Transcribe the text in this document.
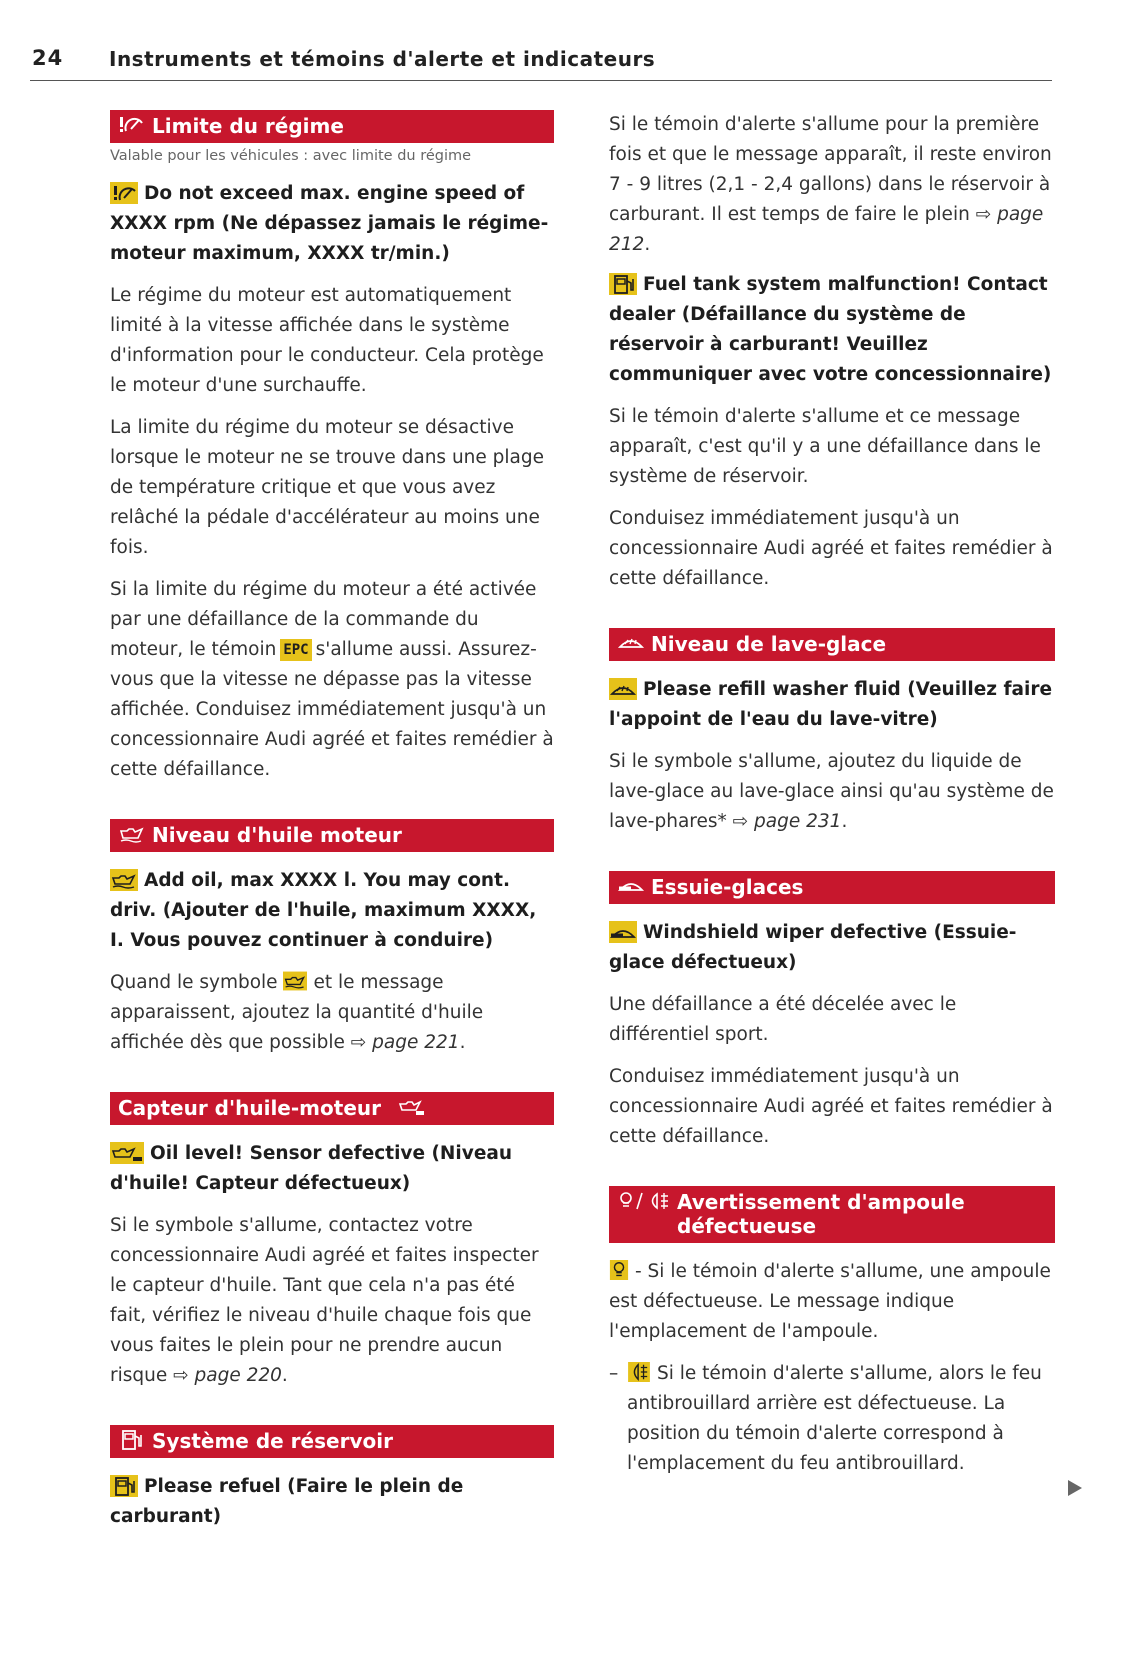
24 Instruments et témoins d'alerte et indicateurs
Limite du régime
Valable pour les véhicules : avec limite du régime
Do not exceed max. engine speed of XXXX rpm (Ne dépassez jamais le régime-moteur maximum, XXXX tr/min.)

Le régime du moteur est automatiquement limité à la vitesse affichée dans le système d'information pour le conducteur. Cela protège le moteur d'une surchauffe.

La limite du régime du moteur se désactive lorsque le moteur ne se trouve dans une plage de température critique et que vous avez relâché la pédale d'accélérateur au moins une fois.

Si la limite du régime du moteur a été activée par une défaillance de la commande du moteur, le témoin EPC s'allume aussi. Assurez-vous que la vitesse ne dépasse pas la vitesse affichée. Conduisez immédiatement jusqu'à un concessionnaire Audi agréé et faites remédier à cette défaillance.

Niveau d'huile moteur
Add oil, max XXXX l. You may cont. driv. (Ajouter de l'huile, maximum XXXX, I. Vous pouvez continuer à conduire)

Quand le symbole et le message apparaissent, ajoutez la quantité d'huile affichée dès que possible ⇨ page 221.

Capteur d'huile-moteur
Oil level! Sensor defective (Niveau d'huile! Capteur défectueux)

Si le symbole s'allume, contactez votre concessionnaire Audi agréé et faites inspecter le capteur d'huile. Tant que cela n'a pas été fait, vérifiez le niveau d'huile chaque fois que vous faites le plein pour ne prendre aucun risque ⇨ page 220.

Système de réservoir
Please refuel (Faire le plein de carburant)

Si le témoin d'alerte s'allume pour la première fois et que le message apparaît, il reste environ 7 - 9 litres (2,1 - 2,4 gallons) dans le réservoir à carburant. Il est temps de faire le plein ⇨ page 212.

Fuel tank system malfunction! Contact dealer (Défaillance du système de réservoir à carburant! Veuillez communiquer avec votre concessionnaire)

Si le témoin d'alerte s'allume et ce message apparaît, c'est qu'il y a une défaillance dans le système de réservoir.

Conduisez immédiatement jusqu'à un concessionnaire Audi agréé et faites remédier à cette défaillance.

Niveau de lave-glace
Please refill washer fluid (Veuillez faire l'appoint de l'eau du lave-vitre)

Si le symbole s'allume, ajoutez du liquide de lave-glace au lave-glace ainsi qu'au système de lave-phares* ⇨ page 231.

Essuie-glaces
Windshield wiper defective (Essuie-glace défectueux)

Une défaillance a été décelée avec le différentiel sport.

Conduisez immédiatement jusqu'à un concessionnaire Audi agréé et faites remédier à cette défaillance.

Avertissement d'ampoule défectueuse

- Si le témoin d'alerte s'allume, une ampoule est défectueuse. Le message indique l'emplacement de l'ampoule.

–	Si le témoin d'alerte s'allume, alors le feu antibrouillard arrière est défectueuse. La position du témoin d'alerte correspond à l'emplacement du feu antibrouillard.
